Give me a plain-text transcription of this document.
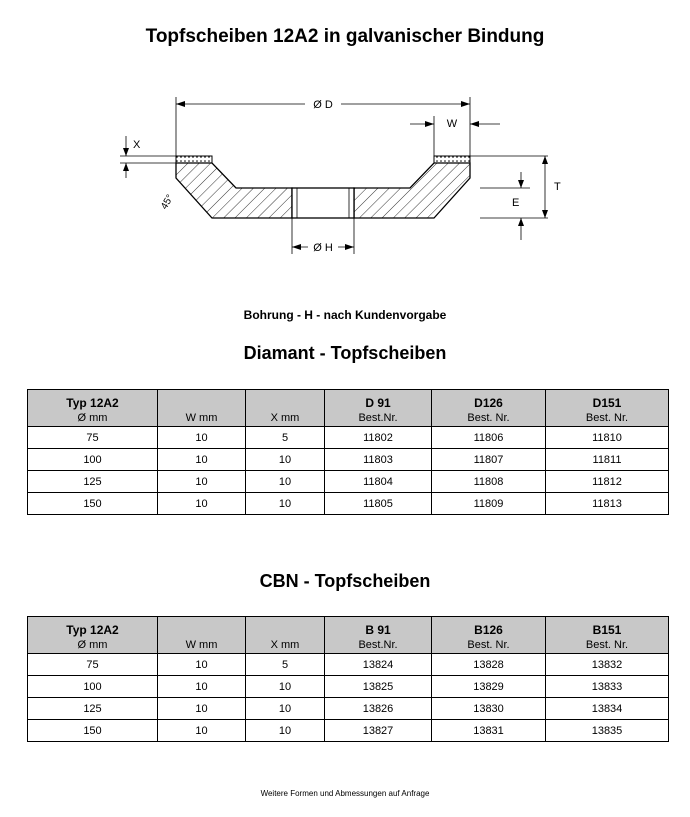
Topfscheiben 12A2 in galvanischer Bindung
Ø D
W
X
45°
T
E
Ø H
Bohrung - H - nach Kundenvorgabe
Diamant - Topfscheiben
Typ 12A2			D 91	D126	D151
Ø mm	W mm	X mm	Best.Nr.	Best. Nr.	Best. Nr.
75	10	5	11802	11806	11810
100	10	10	11803	11807	11811
125	10	10	11804	11808	11812
150	10	10	11805	11809	11813
CBN - Topfscheiben
Typ 12A2			B 91	B126	B151
Ø mm	W mm	X mm	Best.Nr.	Best. Nr.	Best. Nr.
75	10	5	13824	13828	13832
100	10	10	13825	13829	13833
125	10	10	13826	13830	13834
150	10	10	13827	13831	13835
Weitere Formen und Abmessungen auf Anfrage
